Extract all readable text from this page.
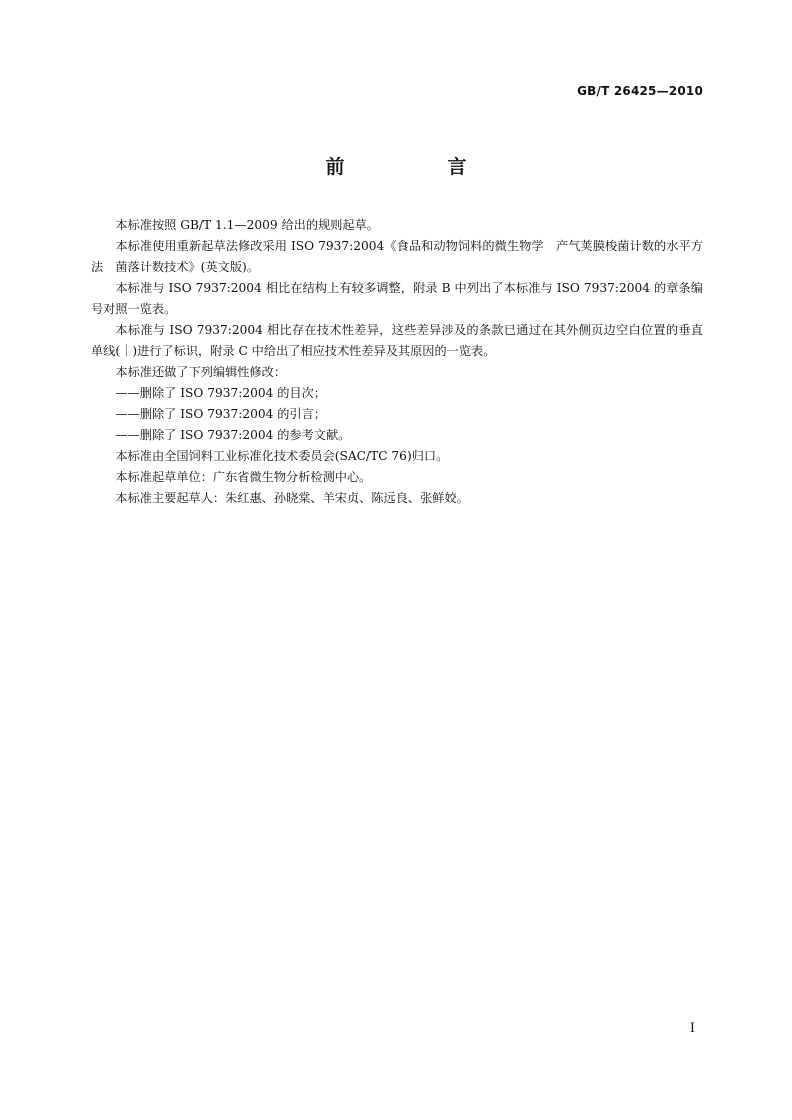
GB/T 26425—2010
前　言

本标准按照 GB/T 1.1—2009 给出的规则起草。

本标准使用重新起草法修改采用 ISO 7937:2004《食品和动物饲料的微生物学　产气荚膜梭菌计数的水平方法　菌落计数技术》(英文版)。

本标准与 ISO 7937:2004 相比在结构上有较多调整，附录 B 中列出了本标准与 ISO 7937:2004 的章条编号对照一览表。

本标准与 ISO 7937:2004 相比存在技术性差异，这些差异涉及的条款已通过在其外侧页边空白位置的垂直单线(｜)进行了标识，附录 C 中给出了相应技术性差异及其原因的一览表。

本标准还做了下列编辑性修改：

——删除了 ISO 7937:2004 的目次；

——删除了 ISO 7937:2004 的引言；

——删除了 ISO 7937:2004 的参考文献。

本标准由全国饲料工业标准化技术委员会(SAC/TC 76)归口。

本标准起草单位：广东省微生物分析检测中心。

本标准主要起草人：朱红惠、孙晓棠、羊宋贞、陈远良、张鲜姣。

I
